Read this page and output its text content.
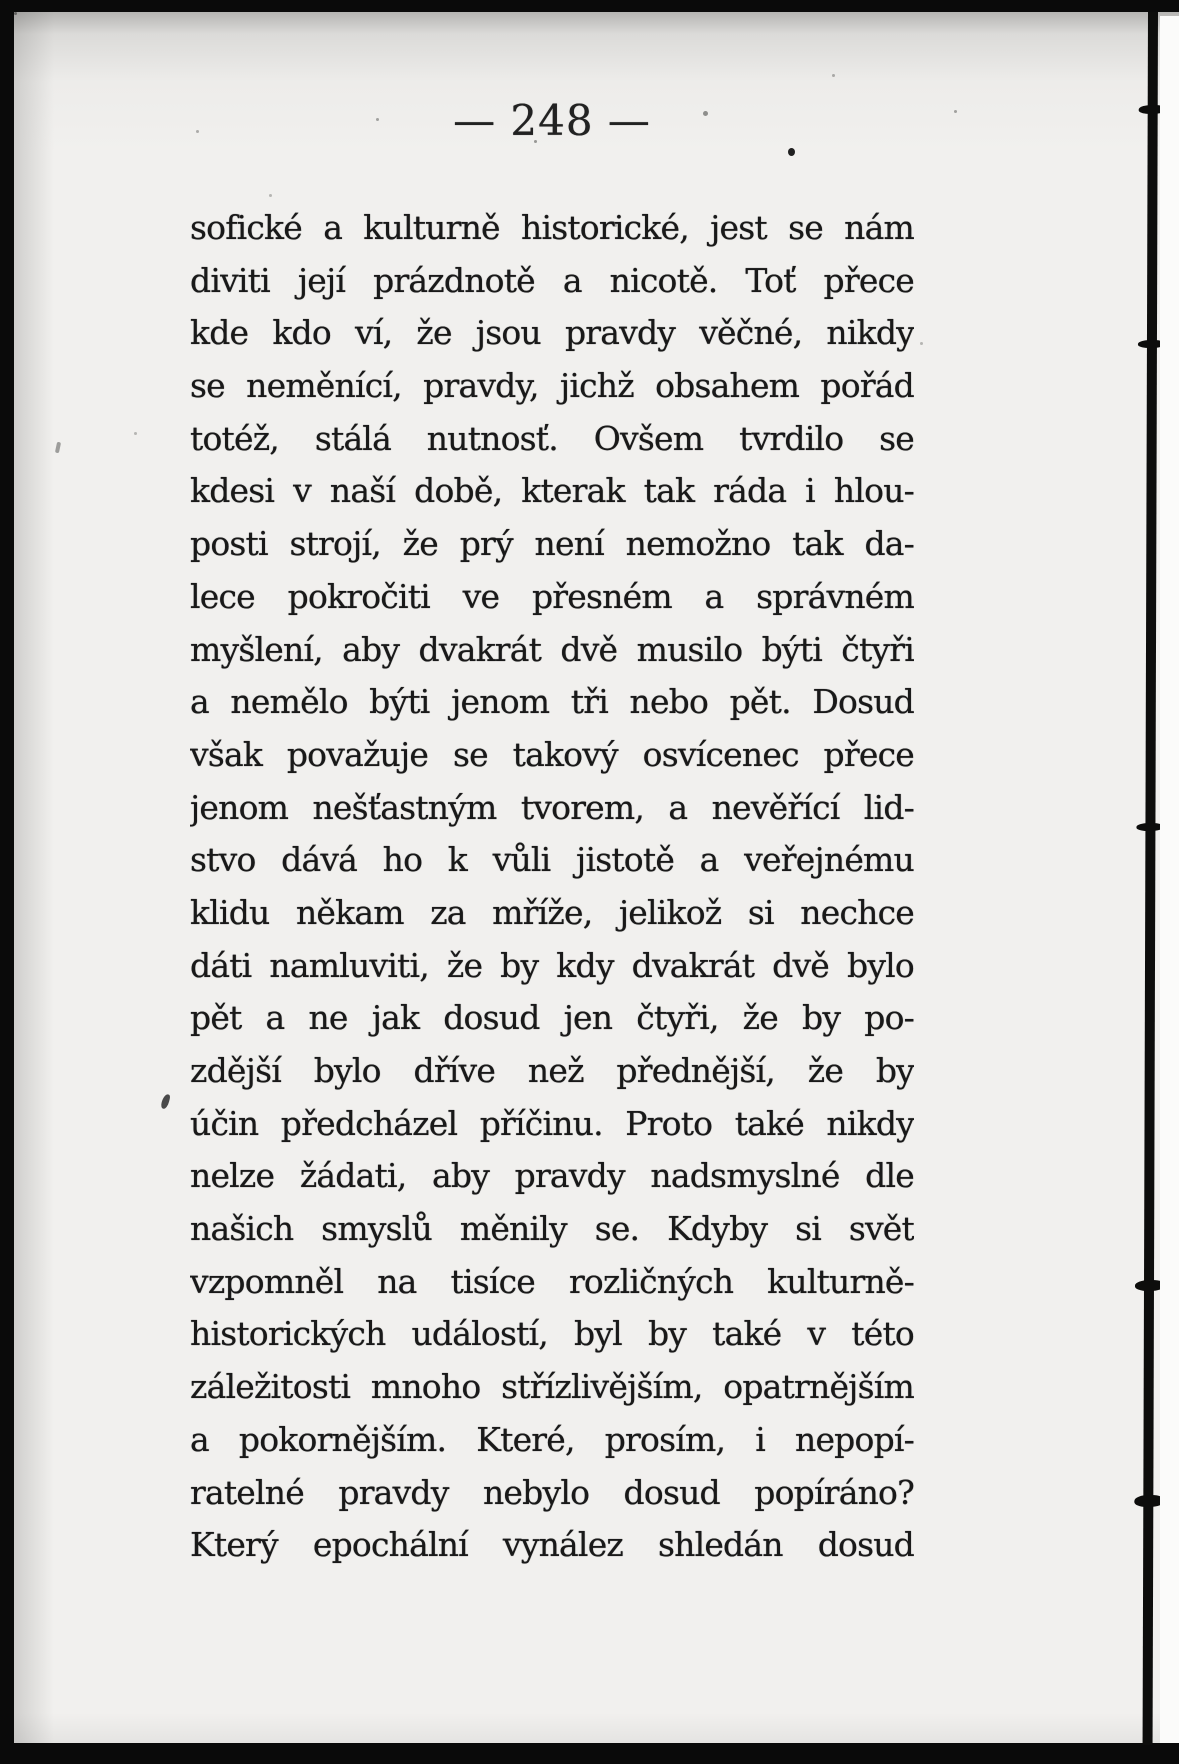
— 248 —
sofické a kulturně historické, jest se nám
diviti její prázdnotě a nicotě. Toť přece
kde kdo ví, že jsou pravdy věčné, nikdy
se neměnící, pravdy, jichž obsahem pořád
totéž, stálá nutnosť. Ovšem tvrdilo se
kdesi v naší době, kterak tak ráda i hlou-
posti strojí, že prý není nemožno tak da-
lece pokročiti ve přesném a správném
myšlení, aby dvakrát dvě musilo býti čtyři
a nemělo býti jenom tři nebo pět. Dosud
však považuje se takový osvícenec přece
jenom nešťastným tvorem, a nevěřící lid-
stvo dává ho k vůli jistotě a veřejnému
klidu někam za mříže, jelikož si nechce
dáti namluviti, že by kdy dvakrát dvě bylo
pět a ne jak dosud jen čtyři, že by po-
zdější bylo dříve než přednější, že by
účin předcházel příčinu. Proto také nikdy
nelze žádati, aby pravdy nadsmyslné dle
našich smyslů měnily se. Kdyby si svět
vzpomněl na tisíce rozličných kulturně-
historických událostí, byl by také v této
záležitosti mnoho střízlivějším, opatrnějším
a pokornějším. Které, prosím, i nepopí-
ratelné pravdy nebylo dosud popíráno?
Který epochální vynález shledán dosud
